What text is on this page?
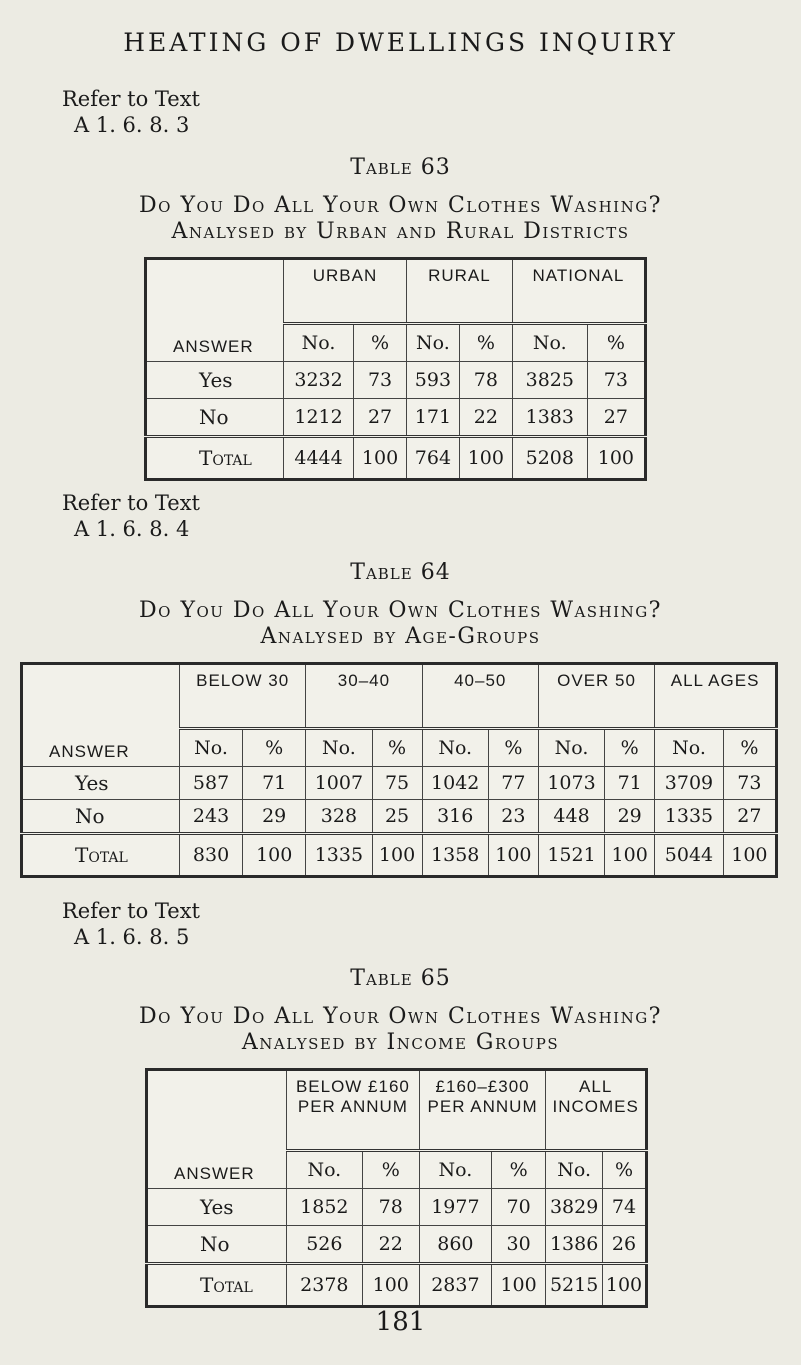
HEATING OF DWELLINGS INQUIRY
Refer to Text
A 1. 6. 8. 3
Table 63
Do You Do All Your Own Clothes Washing?
Analysed by Urban and Rural Districts
ANSWER	URBAN		RURAL		NATIONAL	
	No.	%	No.	%	No.	%
Yes	3232	73	593	78	3825	73
No	1212	27	171	22	1383	27
Total	4444	100	764	100	5208	100
Refer to Text
A 1. 6. 8. 4
Table 64
Do You Do All Your Own Clothes Washing?
Analysed by Age-Groups
ANSWER	BELOW 30		30–40		40–50		OVER 50		ALL AGES	
	No.	%	No.	%	No.	%	No.	%	No.	%
Yes	587	71	1007	75	1042	77	1073	71	3709	73
No	243	29	328	25	316	23	448	29	1335	27
Total	830	100	1335	100	1358	100	1521	100	5044	100
Refer to Text
A 1. 6. 8. 5
Table 65
Do You Do All Your Own Clothes Washing?
Analysed by Income Groups
ANSWER	BELOW £160 PER ANNUM		£160–£300 PER ANNUM		ALL INCOMES	
	No.	%	No.	%	No.	%
Yes	1852	78	1977	70	3829	74
No	526	22	860	30	1386	26
Total	2378	100	2837	100	5215	100
181
